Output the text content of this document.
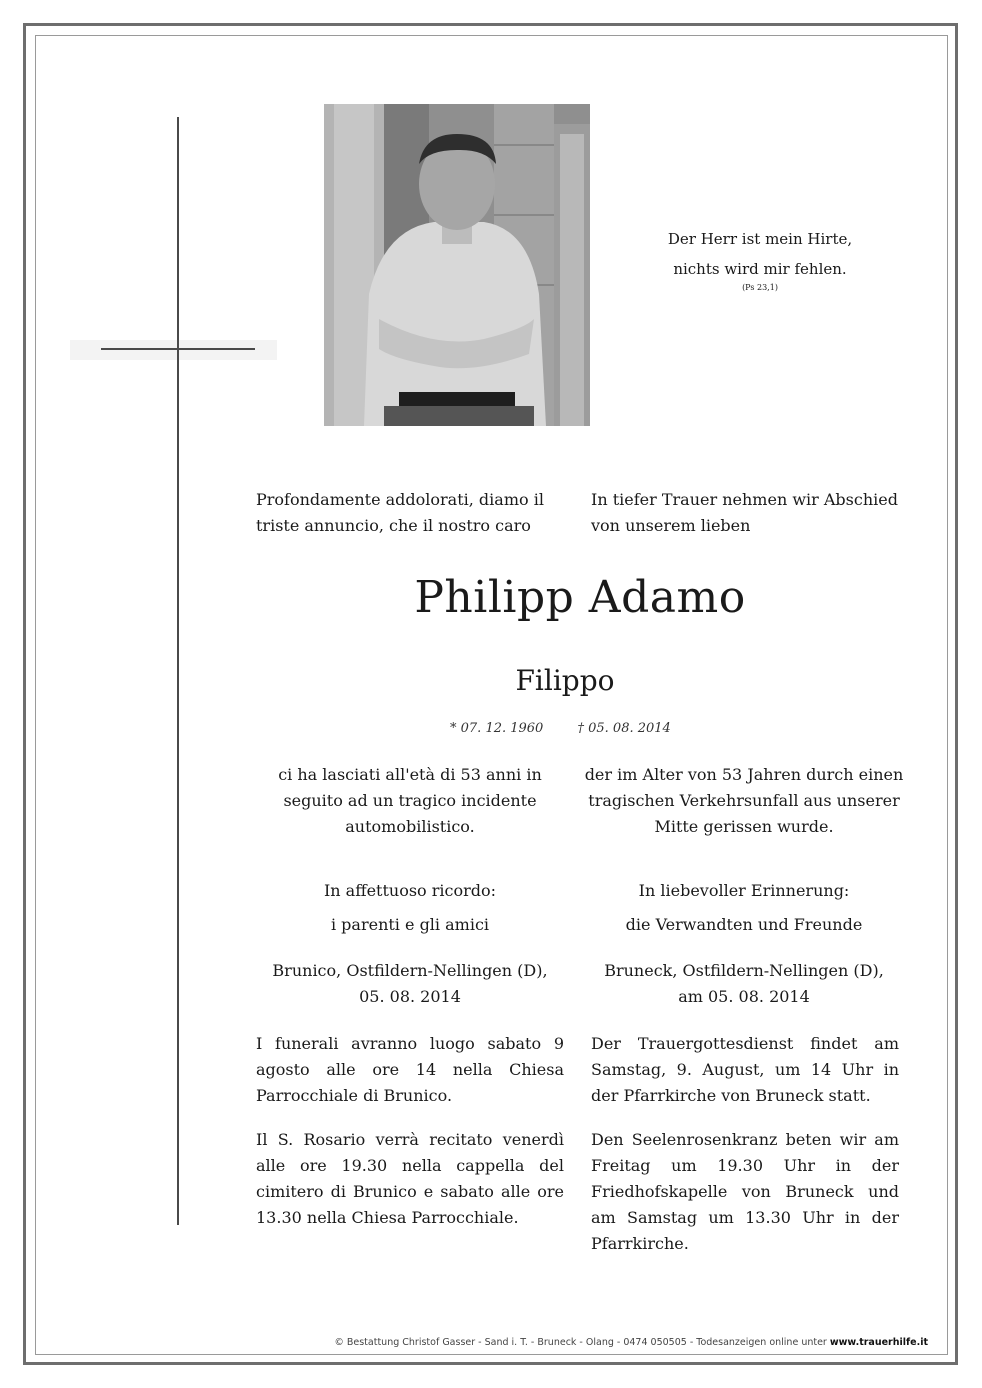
Der Herr ist mein Hirte,
nichts wird mir fehlen.
(Ps 23,1)
Profondamente addolorati, diamo il triste annuncio, che il nostro caro
In tiefer Trauer nehmen wir Abschied von unserem lieben
Philipp Adamo
Filippo
* 07. 12. 1960	† 05. 08. 2014
ci ha lasciati all'età di 53 anni in seguito ad un tragico incidente automobilistico.
der im Alter von 53 Jahren durch einen tragischen Verkehrsunfall aus unserer Mitte gerissen wurde.
In affettuoso ricordo:
i parenti e gli amici
In liebevoller Erinnerung:
die Verwandten und Freunde
Brunico, Ostfildern-Nellingen (D),
05. 08. 2014
Bruneck, Ostfildern-Nellingen (D),
am 05. 08. 2014
I funerali avranno luogo sabato 9 agosto alle ore 14 nella Chiesa Parrocchiale di Brunico.
Der Trauergottesdienst findet am Samstag, 9. August, um 14 Uhr in der Pfarrkirche von Bruneck statt.
Il S. Rosario verrà recitato venerdì alle ore 19.30 nella cappella del cimitero di Brunico e sabato alle ore 13.30 nella Chiesa Parrocchiale.
Den Seelenrosenkranz beten wir am Freitag um 19.30 Uhr in der Friedhofskapelle von Bruneck und am Samstag um 13.30 Uhr in der Pfarrkirche.
© Bestattung Christof Gasser - Sand i. T. - Bruneck - Olang - 0474 050505 - Todesanzeigen online unter www.trauerhilfe.it
